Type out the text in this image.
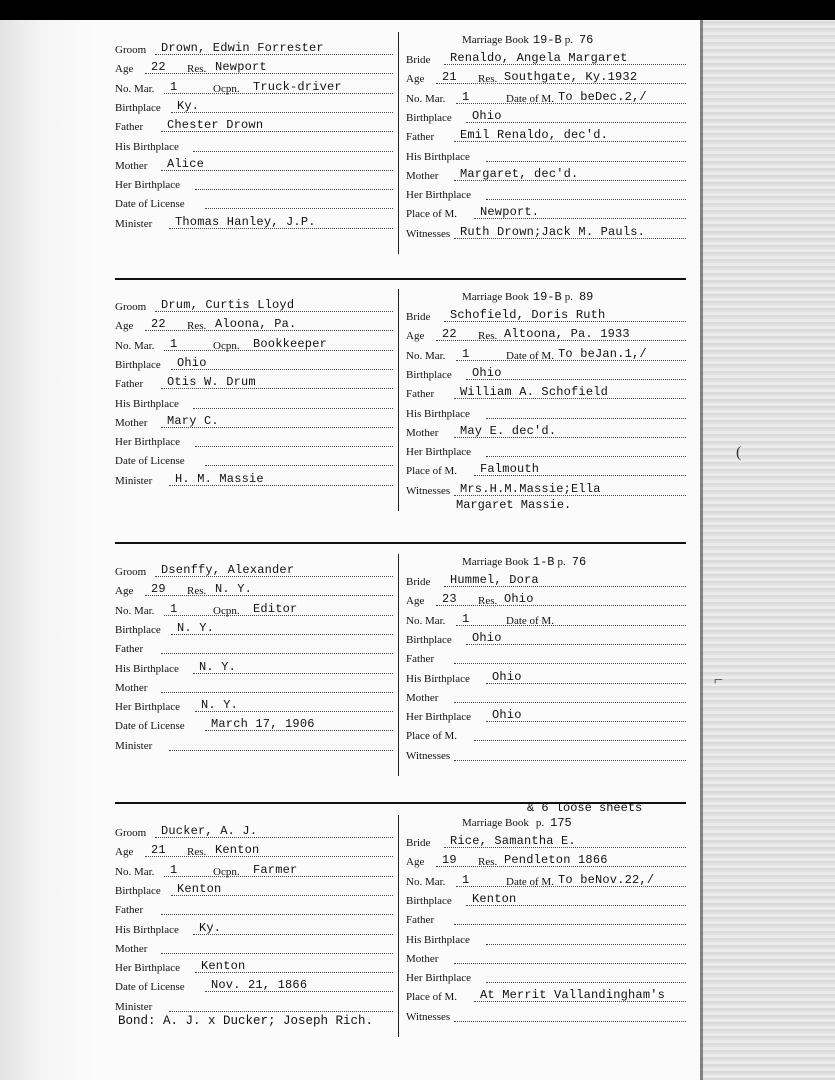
Groom Drown, Edwin Forrester
Age 22 Res. Newport
No. Mar. 1	Ocpn. Truck-driver
Birthplace Ky.
Father Chester Drown
His Birthplace
Mother Alice
Her Birthplace
Date of License
Minister Thomas Hanley, J.P.
Marriage Book 19-B p. 76
Bride Renaldo, Angela Margaret
Age 21 Res. Southgate, Ky.1932
No. Mar. 1	Date of M. To beDec.2,/
Birthplace Ohio
Father Emil Renaldo, dec'd.
His Birthplace
Mother Margaret, dec'd.
Her Birthplace
Place of M. Newport.
Witnesses Ruth Drown;Jack M. Pauls.
Groom Drum, Curtis Lloyd
Age 22 Res. Aloona, Pa.
No. Mar. 1	Ocpn. Bookkeeper
Birthplace Ohio
Father Otis W. Drum
His Birthplace
Mother Mary C.
Her Birthplace
Date of License
Minister H. M. Massie
Marriage Book 19-B p. 89
Bride Schofield, Doris Ruth
Age 22 Res. Altoona, Pa. 1933
No. Mar. 1	Date of M. To beJan.1,/
Birthplace Ohio
Father William A. Schofield
His Birthplace
Mother May E. dec'd.
Her Birthplace
Place of M. Falmouth
Witnesses Mrs.H.M.Massie;Ella
Margaret Massie.
Groom Dsenffy, Alexander
Age 29 Res. N. Y.
No. Mar. 1	Ocpn. Editor
Birthplace N. Y.
Father
His Birthplace N. Y.
Mother
Her Birthplace N. Y.
Date of License March 17, 1906
Minister
Marriage Book 1-B p. 76
Bride Hummel, Dora
Age 23 Res. Ohio
No. Mar. 1	Date of M.
Birthplace Ohio
Father
His Birthplace Ohio
Mother
Her Birthplace Ohio
Place of M.
Witnesses
Groom Ducker, A. J.
Age 21 Res. Kenton
No. Mar. 1	Ocpn. Farmer
Birthplace Kenton
Father
His Birthplace Ky.
Mother
Her Birthplace Kenton
Date of License Nov. 21, 1866
Minister
Marriage Book p. 175
Bride Rice, Samantha E.
Age 19 Res. Pendleton 1866
No. Mar. 1	Date of M. To beNov.22,/
Birthplace Kenton
Father
His Birthplace
Mother
Her Birthplace
Place of M. At Merrit Vallandingham's
Witnesses
& 6 loose sheets
Bond: A. J. x Ducker; Joseph Rich.
(
⌐
